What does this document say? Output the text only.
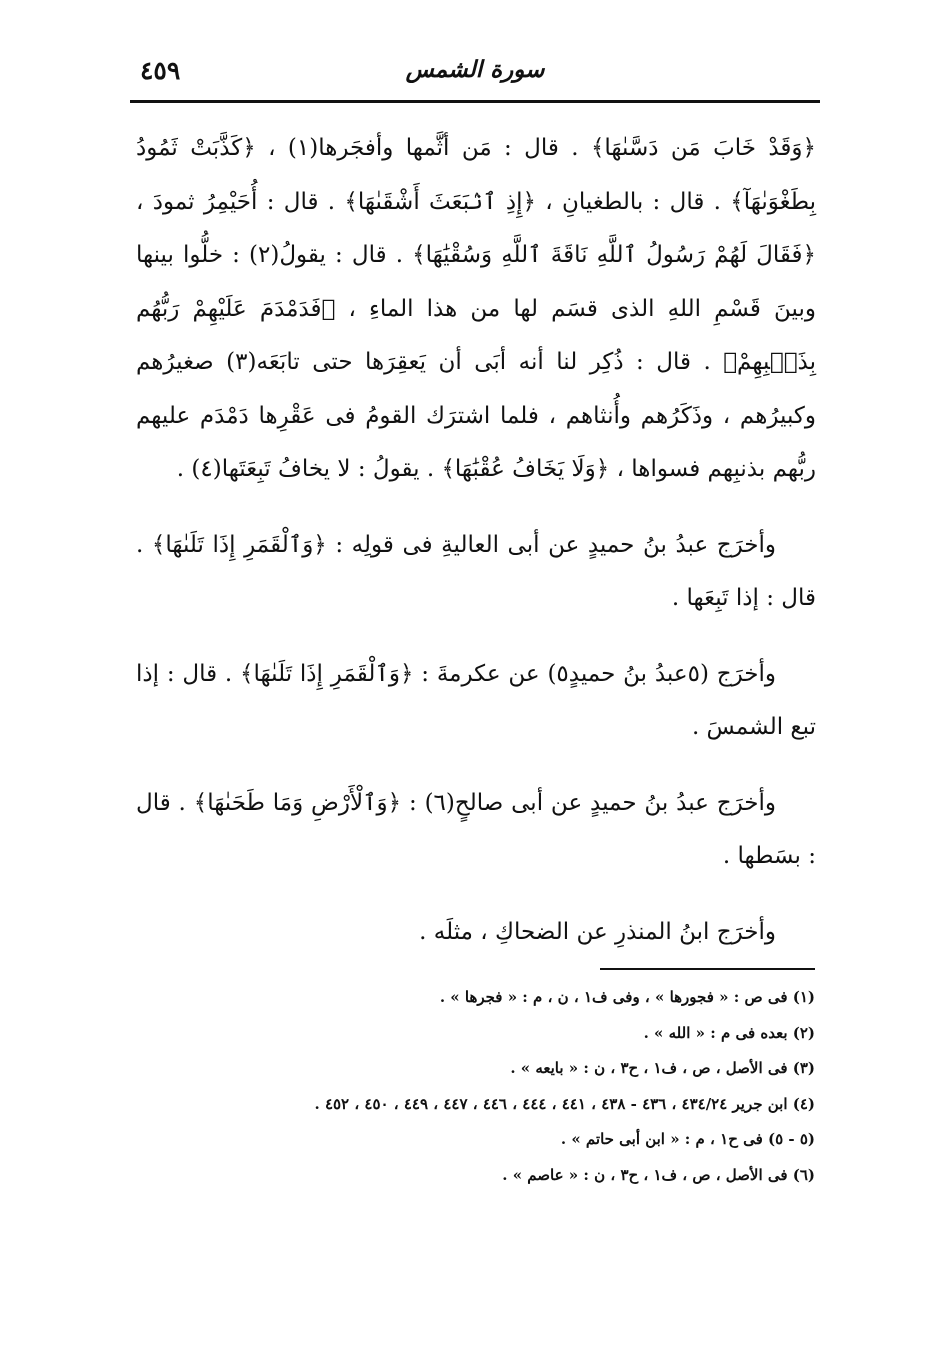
٤٥٩	سورة الشمس

﴿وَقَدْ خَابَ مَن دَسَّىٰهَا﴾ . قال : مَن أثَّمها وأفجَرها(١) ، ﴿كَذَّبَتْ ثَمُودُ بِطَغْوَىٰهَآ﴾ . قال : بالطغيانِ ، ﴿إِذِ ٱنۢبَعَثَ أَشْقَىٰهَا﴾ . قال : أُحَيْمِرُ ثمودَ ، ﴿فَقَالَ لَهُمْ رَسُولُ ٱللَّهِ نَاقَةَ ٱللَّهِ وَسُقْيَٰهَا﴾ . قال : يقولُ(٢) : خلُّوا بينها وبينَ قَسْمِ اللهِ الذى قسَم لها من هذا الماءِ ، ﴿فَدَمْدَمَ عَلَيْهِمْ رَبُّهُم بِذَنۢبِهِمْ﴾ . قال : ذُكِر لنا أنه أبَى أن يَعقِرَها حتى تابَعَه(٣) صغيرُهم وكبيرُهم ، وذَكَرُهم وأُنثاهم ، فلما اشترَك القومُ فى عَقْرِها دَمْدَم عليهم ربُّهم بذنبِهم فسواها ، ﴿وَلَا يَخَافُ عُقْبَٰهَا﴾ . يقولُ : لا يخافُ تَبِعَتَها(٤) .

وأخرَج عبدُ بنُ حميدٍ عن أبى العاليةِ فى قولِه : ﴿وَٱلْقَمَرِ إِذَا تَلَىٰهَا﴾ . قال : إذا تَبِعَها .

وأخرَج (٥عبدُ بنُ حميدٍ٥) عن عكرمةَ : ﴿وَٱلْقَمَرِ إِذَا تَلَىٰهَا﴾ . قال : إذا تبع الشمسَ .

وأخرَج عبدُ بنُ حميدٍ عن أبى صالحٍ(٦) : ﴿وَٱلْأَرْضِ وَمَا طَحَىٰهَا﴾ . قال : بسَطها .

وأخرَج ابنُ المنذرِ عن الضحاكِ ، مثلَه .

(١) فى ص : « فجورها » ، وفى ف١ ، ن ، م : « فجرها » .

(٢) بعده فى م : « الله » .

(٣) فى الأصل ، ص ، ف١ ، ح٣ ، ن : « بايعه » .

(٤) ابن جرير ٤٣٤/٢٤ ، ٤٣٦ - ٤٣٨ ، ٤٤١ ، ٤٤٤ ، ٤٤٦ ، ٤٤٧ ، ٤٤٩ ، ٤٥٠ ، ٤٥٢ .

(٥ - ٥) فى ح١ ، م : « ابن أبى حاتم » .

(٦) فى الأصل ، ص ، ف١ ، ح٣ ، ن : « عاصم » .
